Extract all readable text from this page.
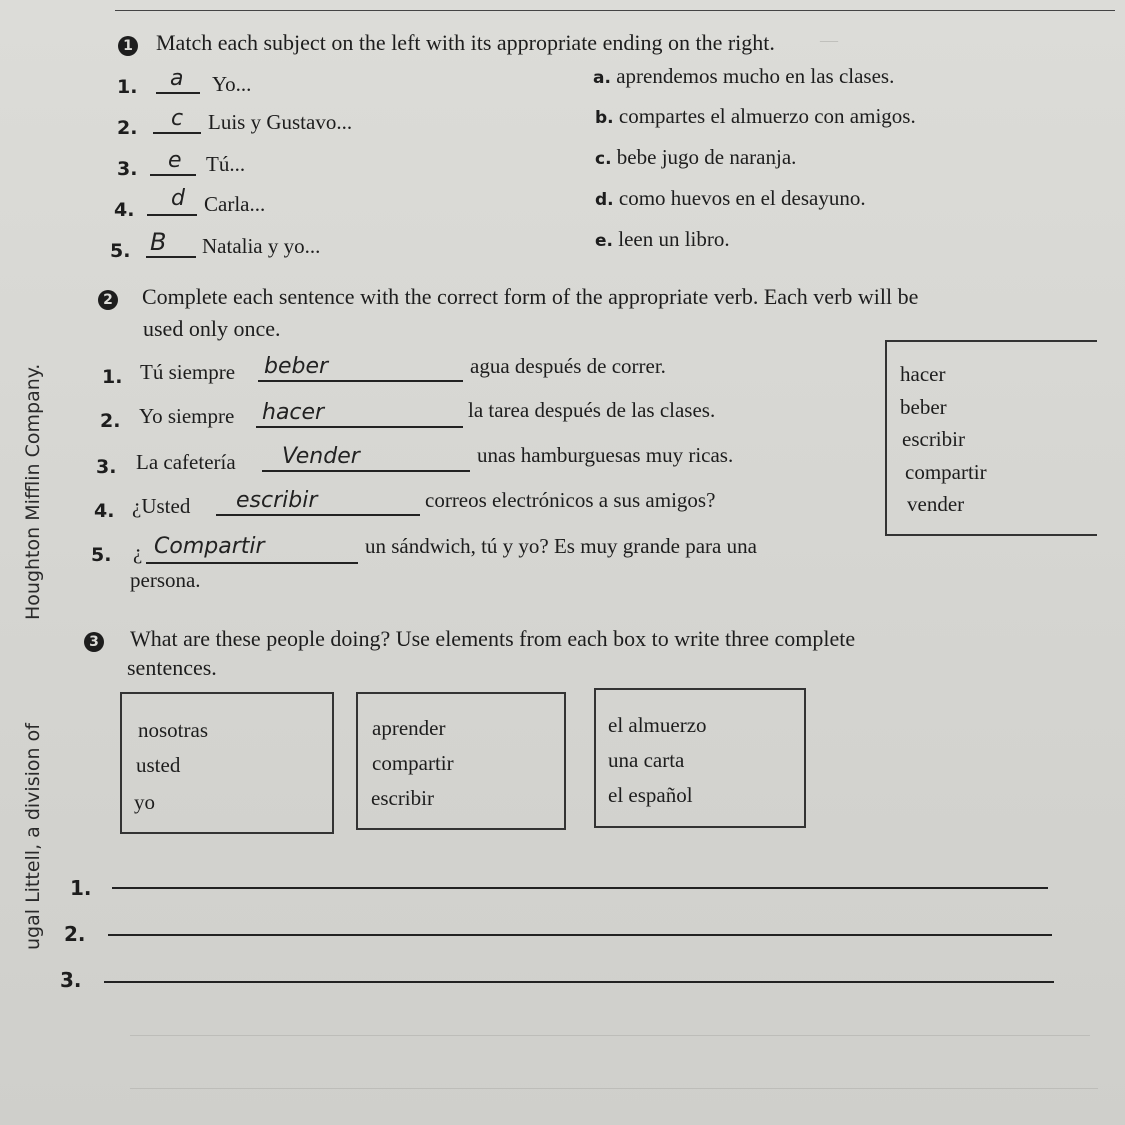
—
1 Match each subject on the left with its appropriate ending on the right.
1. a Yo...
2. c Luis y Gustavo...
3. e Tú...
4. d Carla...
5. B Natalia y yo...
a. aprendemos mucho en las clases.
b. compartes el almuerzo con amigos.
c. bebe jugo de naranja.
d. como huevos en el desayuno.
e. leen un libro.
2 Complete each sentence with the correct form of the appropriate verb. Each verb will be
used only once.
1. Tú siempre beber	agua después de correr.
2. Yo siempre hacer	la tarea después de las clases.
3. La cafetería Vender	unas hamburguesas muy ricas.
4. ¿Usted escribir	correos electrónicos a sus amigos?
5. ¿ Compartir	un sándwich, tú y yo? Es muy grande para una
persona.
hacer
beber
escribir
compartir
vender
3 What are these people doing? Use elements from each box to write three complete
sentences.
nosotras
usted
yo
aprender
compartir
escribir
el almuerzo
una carta
el español
1.
2.
3.
Houghton Mifflin Company.
ugal Littell, a division of
